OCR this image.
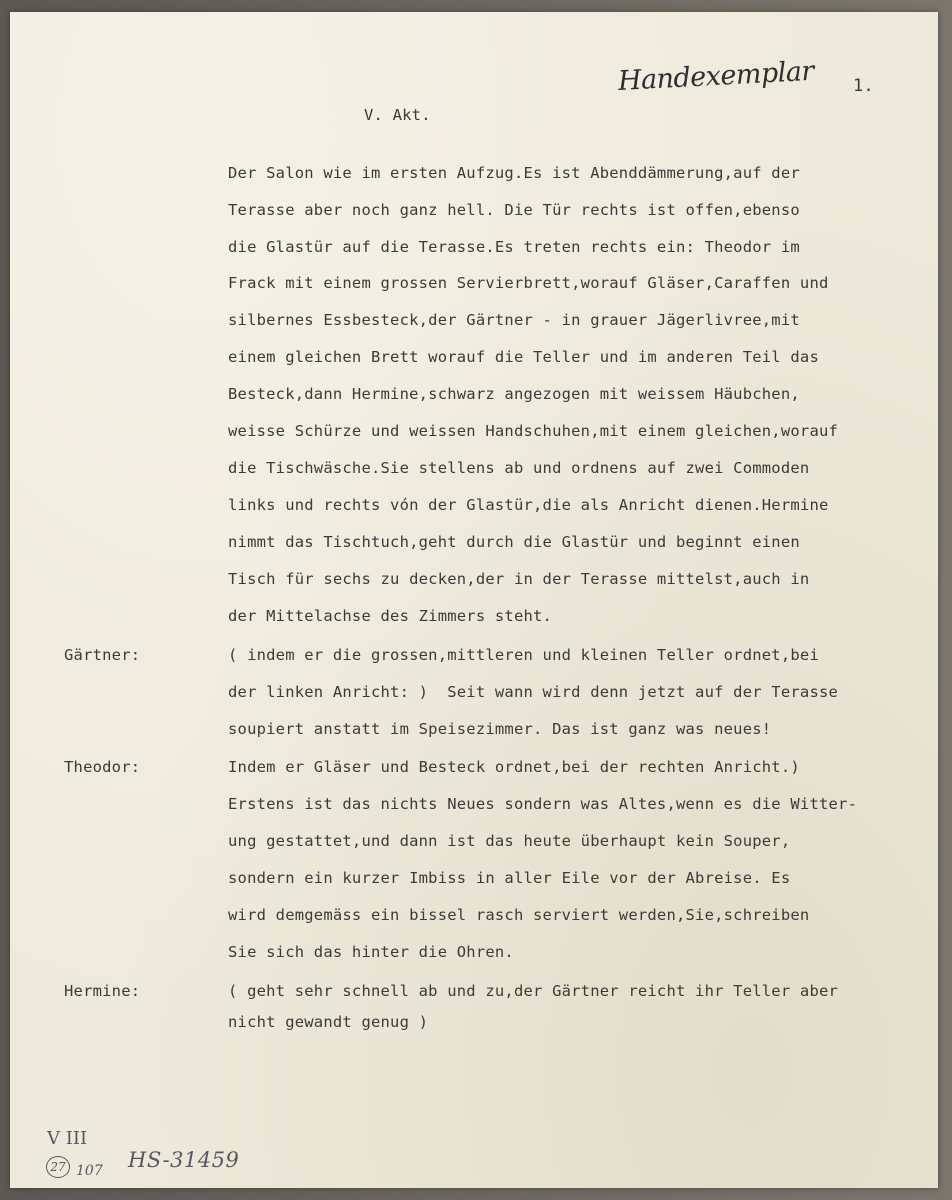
Handexemplar 1.
V. Akt.
Der Salon wie im ersten Aufzug.Es ist Abenddämmerung,auf der
Terasse aber noch ganz hell. Die Tür rechts ist offen,ebenso
die Glastür auf die Terasse.Es treten rechts ein: Theodor im
Frack mit einem grossen Servierbrett,worauf Gläser,Caraffen und
silbernes Essbesteck,der Gärtner - in grauer Jägerlivree,mit
einem gleichen Brett worauf die Teller und im anderen Teil das
Besteck,dann Hermine,schwarz angezogen mit weissem Häubchen,
weisse Schürze und weissen Handschuhen,mit einem gleichen,worauf
die Tischwäsche.Sie stellens ab und ordnens auf zwei Commoden
links und rechts vón der Glastür,die als Anricht dienen.Hermine
nimmt das Tischtuch,geht durch die Glastür und beginnt einen
Tisch für sechs zu decken,der in der Terasse mittelst,auch in
der Mittelachse des Zimmers steht.
Gärtner:	( indem er die grossen,mittleren und kleinen Teller ordnet,bei
der linken Anricht: )  Seit wann wird denn jetzt auf der Terasse
soupiert anstatt im Speisezimmer. Das ist ganz was neues!
Theodor:	Indem er Gläser und Besteck ordnet,bei der rechten Anricht.)
Erstens ist das nichts Neues sondern was Altes,wenn es die Witter-
ung gestattet,und dann ist das heute überhaupt kein Souper,
sondern ein kurzer Imbiss in aller Eile vor der Abreise. Es
wird demgemäss ein bissel rasch serviert werden,Sie,schreiben
Sie sich das hinter die Ohren.
Hermine:	( geht sehr schnell ab und zu,der Gärtner reicht ihr Teller aber
nicht gewandt genug )
V III
27 107 HS-31459
